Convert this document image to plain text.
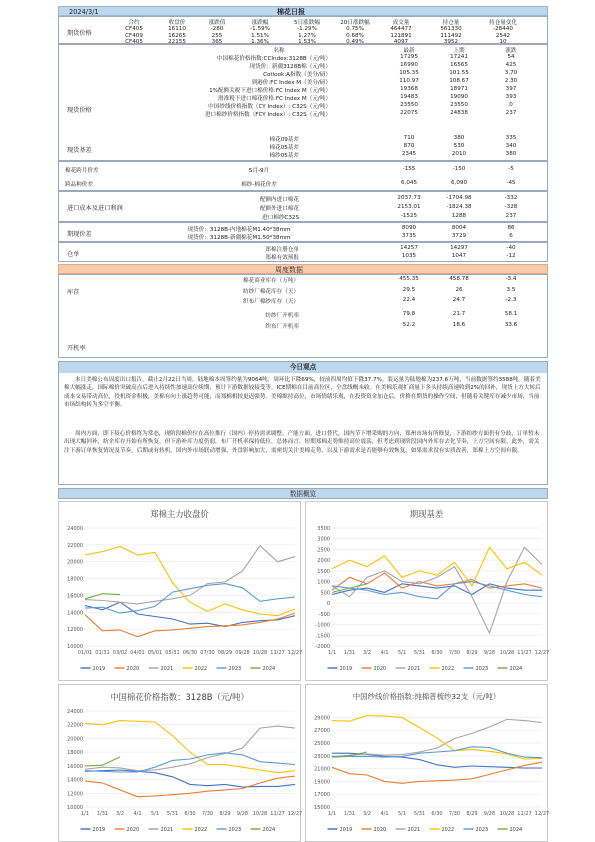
2024/3/1	棉花日报
期货价格
合约	收盘价	涨跌值	涨跌幅	5日涨跌幅	20日涨跌幅	成交量	持仓量	持仓量变化
CF405	16110	-280	-1.59%	-1.29%	0.75%	464477	561330	-28440
CF409	16265	255	1.51%	1.27%	0.68%	121891	111492	2542
CF405	22155	365	1.36%	1.53%	0.49%	4097	3952	10
现货价格
名称	最新	上期	涨跌
中国棉花价格指数:CCIndex:3128B（元/吨）	17295	17241	54
现货价：新疆3128B棉（元/吨）	16990	16565	425
Cotlook:A指数（美分/磅）	105.35	101.55	3.70
到港价:FC Index M（美分/磅）	110.97	108.67	2.30
1%配额关税下进口棉价格:FC Index M（元/吨）	19368	18971	397
滑准税下进口棉花价格:FC Index M（元/吨）	19483	19090	393
中国纱线价格指数（CY Index）: C32S（元/吨）	23550	23550	0
进口棉纱价格指数（FCY Index）: C32S（元/吨）	22075	24838	237
现货基差
棉花09基差	710	380	335
棉花05基差	870	530	340
棉纱05基差	2345	2010	380
棉花跨月价差	5月-9月	-155	-150	-5
跨品种价差	棉纱-棉花价差	6,045	6,090	-45
进口成本及进口利润
配额内进口棉花	2037.73	-1704.98	-332
配额外进口棉花	2153.01	-1824.38	-328
进口棉纱C32S	-1525	1288	237
期现价差
现货价：3128B-内地棉花M1.40*38mm	8090	8004	86
现货价：3128B-新疆棉花M1.50*38mm	3735	3729	6
仓单
郑棉注册仓单	14257	14297	-40
郑棉有效预报	1035	1047	-12
周度数据
库存
开机率
棉花商业库存（万吨）	455.35	458.78	-3.4
纺纱厂棉花库存（天）	29.5	26	3.5
织布厂棉纱库存（天）	22.4	24.7	-2.3
纺纱厂开机率	79.8	21.7	58.1
织布厂开机率	52.2	18.6	33.6
今日观点
本日美棉公布周度出口报告，截止2月22日当周，陆地棉本周签约量为9064吨，周环比下降69%，较前四周均值下降37.7%。装运量为陆地棉为237.6万吨，当前数据签约3588吨。随着美棉大幅涨走，国际棉价突破高点后进入持续性加速高位续期，预计下游数据较接受等。ICE期棉在目前高位区，全盘线概未收。在美棉乐观扩商量下多头持续高速收到2%的回补，现货上方大转后成本交易带动高位，投机资金积极，美棉有向上涨趋势可能，而郑棉相较更迟强势。美棉维持高位，市场情绪乐观，在投资资金加仓后，价格在期货的操作空间，但随着关键库存减少市场，当前市场结构转为多空平衡。
周内方面，即下接心价格终为常态，现阶段棉价位在高位推行（国内）停持需求调整。产能方面，进口替代，国内节下增采购的方向，郑州市场有所修复，下游纺纱方面仍有分歧，订单暂未出现大幅回补，纺企库存开始有所恢复，但下游补库力度仍弱，布厂开机率保持低位。总体而言，短期郑棉走势维持高位震荡，但考虑到现阶段国内外库存去化节奏，上方空间有限。此外，需关注下游订单恢复情况及节奏，后期或有转机。国内外市场联动增强，外盘影响加大，需密切关注美棉走势，以及下游需求是否能够有效恢复，如果需求没有实质改善，郑棉上方空间有限。
数据概览
郑棉主力收盘价
10000
12000
14000
16000
18000
20000
22000
24000
01/01 01/31 03/02 04/01 05/01 05/31 06/30 07/30 08/29 09/28 10/28 11/27 12/27
2019	2020	2021	2022	2023	2024
期现基差
-2000
-1500
-1000
-500
0
500
1000
1500
2000
2500
3000
3500
1/1 1/31 3/2 4/1 5/1 5/31 6/30 7/30 8/29 9/28 10/28 11/27 12/27
2019	2020	2021	2022	2023	2024
中国棉花价格指数：3128B（元/吨）
10000
12000
14000
16000
18000
20000
22000
24000
1/1 1/31 3/2 4/1 5/1 5/31 6/30 7/30 8/29 9/28 10/28 11/27 12/27
2019	2020	2021	2022	2023	2024
中国纱线价格指数:纯棉普梳纱32支（元/吨）
15000
17000
19000
21000
23000
25000
27000
29000
1/1 1/31 3/2 4/1 5/1 5/31 6/30 7/30 8/29 9/28 10/28 11/27 12/27
2019	2020	2021	2022	2023	2024
